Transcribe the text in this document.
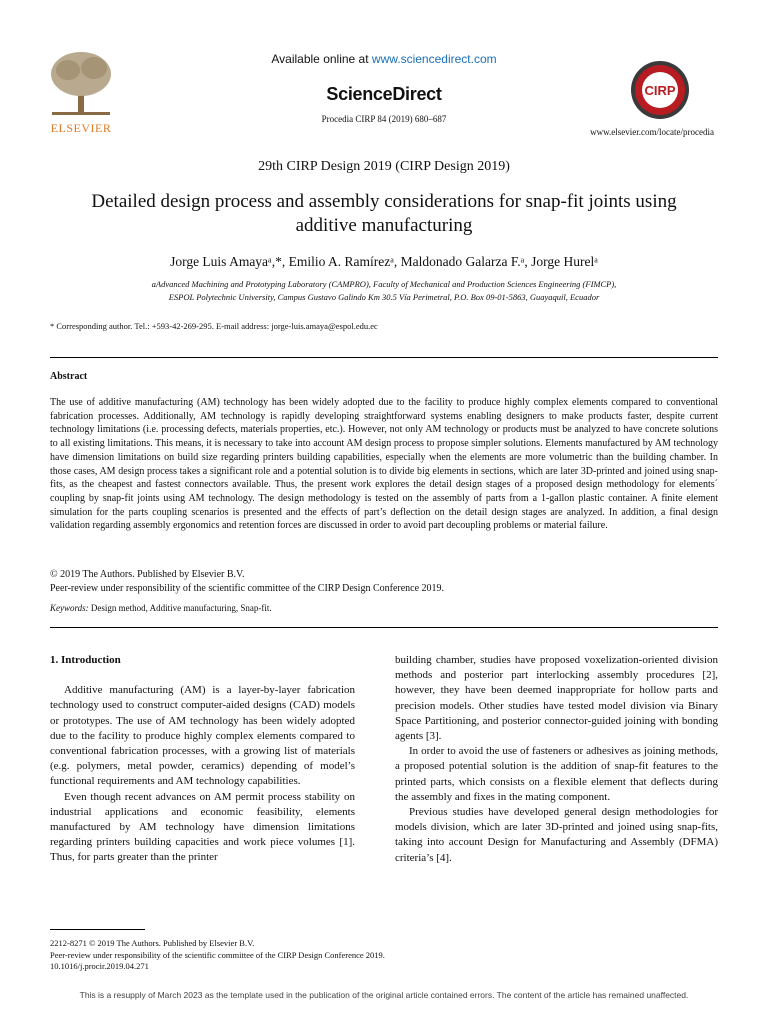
ELSEVIER
Available online at www.sciencedirect.com
ScienceDirect
Procedia CIRP 84 (2019) 680–687
CIRP
www.elsevier.com/locate/procedia
29th CIRP Design 2019 (CIRP Design 2019)
Detailed design process and assembly considerations for snap-fit joints using additive manufacturing
Jorge Luis Amayaᵃ,*, Emilio A. Ramírezᵃ, Maldonado Galarza F.ᵃ, Jorge Hurelᵃ
aAdvanced Machining and Prototyping Laboratory (CAMPRO), Faculty of Mechanical and Production Sciences Engineering (FIMCP),
ESPOL Polytechnic University, Campus Gustavo Galindo Km 30.5 Vía Perimetral, P.O. Box 09-01-5863, Guayaquil, Ecuador
* Corresponding author. Tel.: +593-42-269-295. E-mail address: jorge-luis.amaya@espol.edu.ec
Abstract
The use of additive manufacturing (AM) technology has been widely adopted due to the facility to produce highly complex elements compared to conventional fabrication processes. Additionally, AM technology is rapidly developing straightforward systems enabling designers to make products faster, despite current technology limitations (i.e. processing defects, materials properties, etc.). However, not only AM technology or products must be analyzed to have concrete solutions to all existing limitations. This means, it is necessary to take into account AM design process to propose simpler solutions. Elements manufactured by AM technology have dimension limitations on build size regarding printers building capabilities, especially when the elements are more volumetric than the building chamber. In those cases, AM design process takes a significant role and a potential solution is to divide big elements in sections, which are later 3D-printed and joined using snap-fits, as the cheapest and fastest connectors available. Thus, the present work explores the detail design stages of a proposed design methodology for elements´ coupling by snap-fit joints using AM technology. The design methodology is tested on the assembly of parts from a 1-gallon plastic container. A finite element simulation for the parts coupling scenarios is presented and the effects of part’s deflection on the detail design stages are analyzed. In addition, a final design validation regarding assembly ergonomics and retention forces are discussed in order to avoid part decoupling problems or material failure.
© 2019 The Authors. Published by Elsevier B.V.
Peer-review under responsibility of the scientific committee of the CIRP Design Conference 2019.
Keywords: Design method, Additive manufacturing, Snap-fit.
1. Introduction

Additive manufacturing (AM) is a layer-by-layer fabrication technology used to construct computer-aided designs (CAD) models or prototypes. The use of AM technology has been widely adopted due to the facility to produce highly complex elements compared to conventional fabrication processes, with a growing list of materials (e.g. polymers, metal powder, ceramics) depending of model’s functional requirements and AM technology capabilities.

Even though recent advances on AM permit process stability on industrial applications and economic feasibility, elements manufactured by AM technology have dimension limitations regarding printers building capacities and work piece volumes [1]. Thus, for parts greater than the printer

building chamber, studies have proposed voxelization-oriented division methods and posterior part interlocking assembly procedures [2], however, they have been deemed inappropriate for hollow parts and precision models. Other studies have tested model division via Binary Space Partitioning, and posterior connector-guided joining with bonding agents [3].

In order to avoid the use of fasteners or adhesives as joining methods, a proposed potential solution is the addition of snap-fit features to the printed parts, which consists on a flexible element that deflects during the assembly and fixes in the mating component.

Previous studies have developed general design methodologies for models division, which are later 3D-printed and joined using snap-fits, taking into account Design for Manufacturing and Assembly (DFMA) criteria’s [4].

2212-8271 © 2019 The Authors. Published by Elsevier B.V.
Peer-review under responsibility of the scientific committee of the CIRP Design Conference 2019.
10.1016/j.procir.2019.04.271
This is a resupply of March 2023 as the template used in the publication of the original article contained errors. The content of the article has remained unaffected.
